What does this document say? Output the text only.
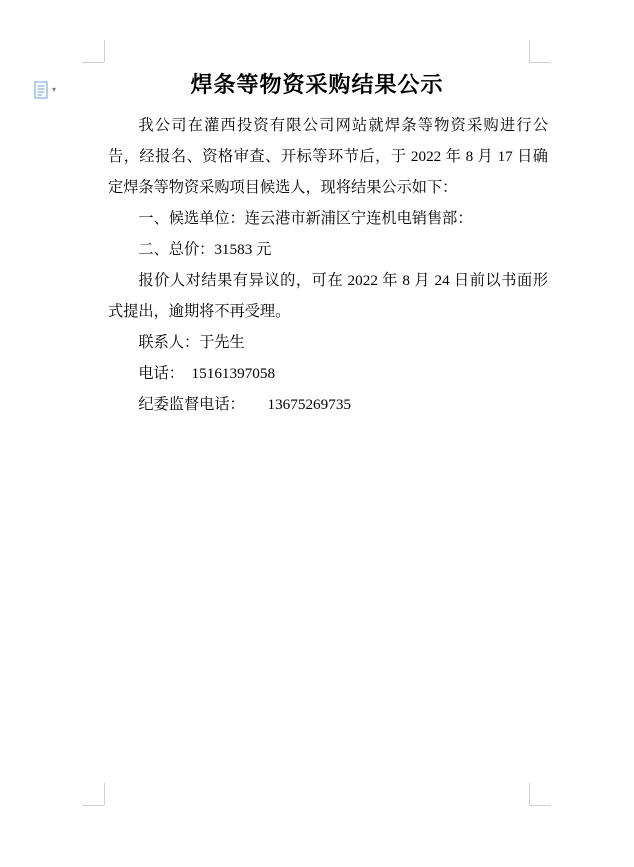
▾	焊条等物资采购结果公示

我公司在灌西投资有限公司网站就焊条等物资采购进行公告，经报名、资格审查、开标等环节后，于 2022 年 8 月 17 日确定焊条等物资采购项目候选人，现将结果公示如下：

一、候选单位：连云港市新浦区宁连机电销售部：

二、总价：31583 元

报价人对结果有异议的，可在 2022 年 8 月 24 日前以书面形式提出，逾期将不再受理。

联系人：于先生

电话：　15161397058

纪委监督电话：　　13675269735
